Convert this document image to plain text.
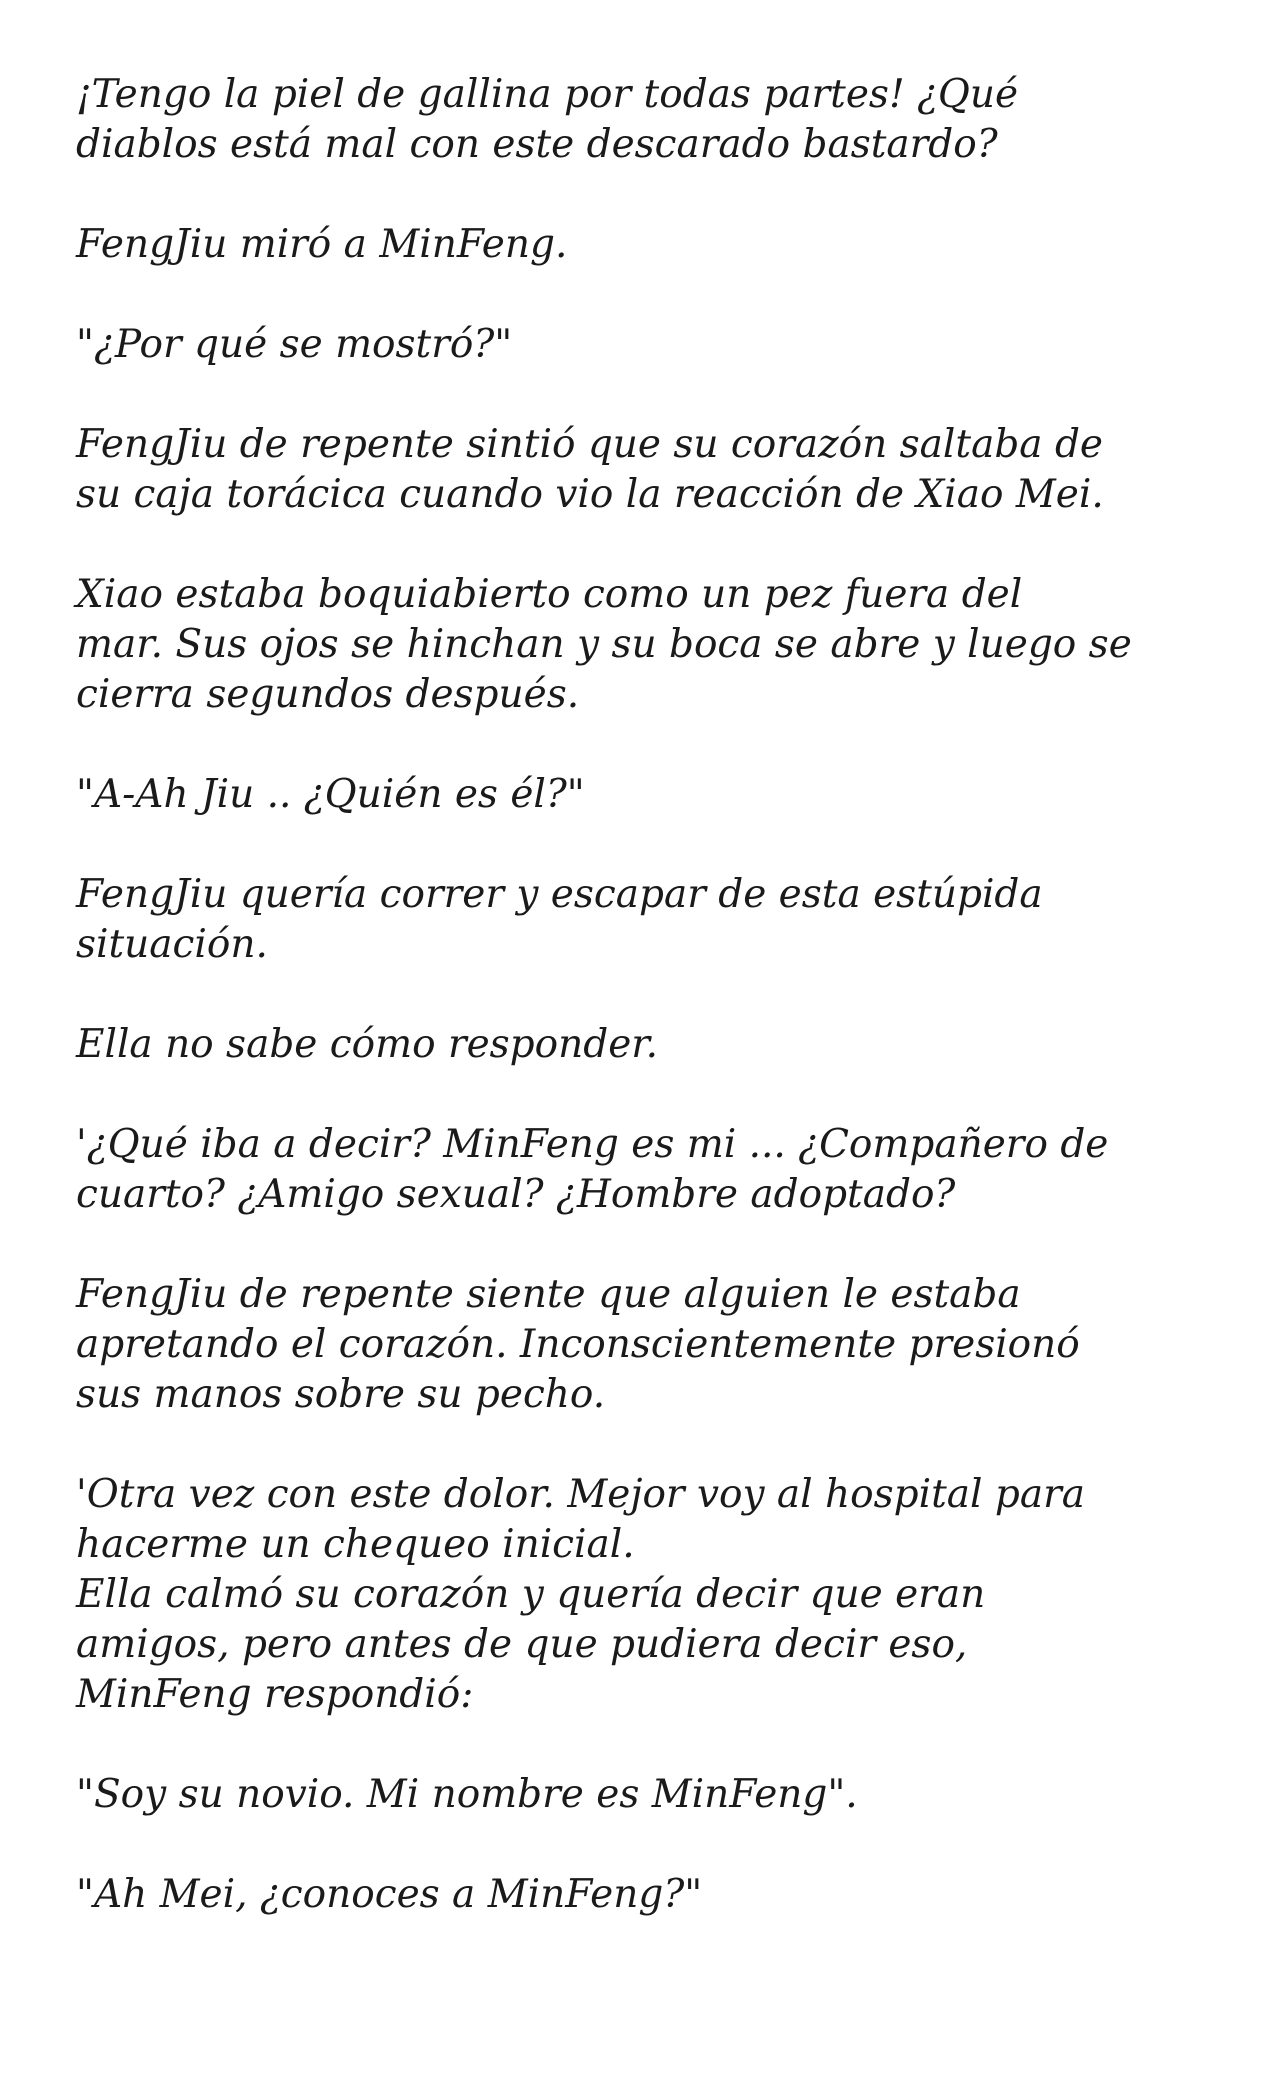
¡Tengo la piel de gallina por todas partes! ¿Qué
diablos está mal con este descarado bastardo?

FengJiu miró a MinFeng.

"¿Por qué se mostró?"

FengJiu de repente sintió que su corazón saltaba de
su caja torácica cuando vio la reacción de Xiao Mei.

Xiao estaba boquiabierto como un pez fuera del
mar. Sus ojos se hinchan y su boca se abre y luego se
cierra segundos después.

"A-Ah Jiu .. ¿Quién es él?"

FengJiu quería correr y escapar de esta estúpida
situación.

Ella no sabe cómo responder.

'¿Qué iba a decir? MinFeng es mi ... ¿Compañero de
cuarto? ¿Amigo sexual? ¿Hombre adoptado?

FengJiu de repente siente que alguien le estaba
apretando el corazón. Inconscientemente presionó
sus manos sobre su pecho.

'Otra vez con este dolor. Mejor voy al hospital para
hacerme un chequeo inicial.

Ella calmó su corazón y quería decir que eran
amigos, pero antes de que pudiera decir eso,
MinFeng respondió:

"Soy su novio. Mi nombre es MinFeng".

"Ah Mei, ¿conoces a MinFeng?"
